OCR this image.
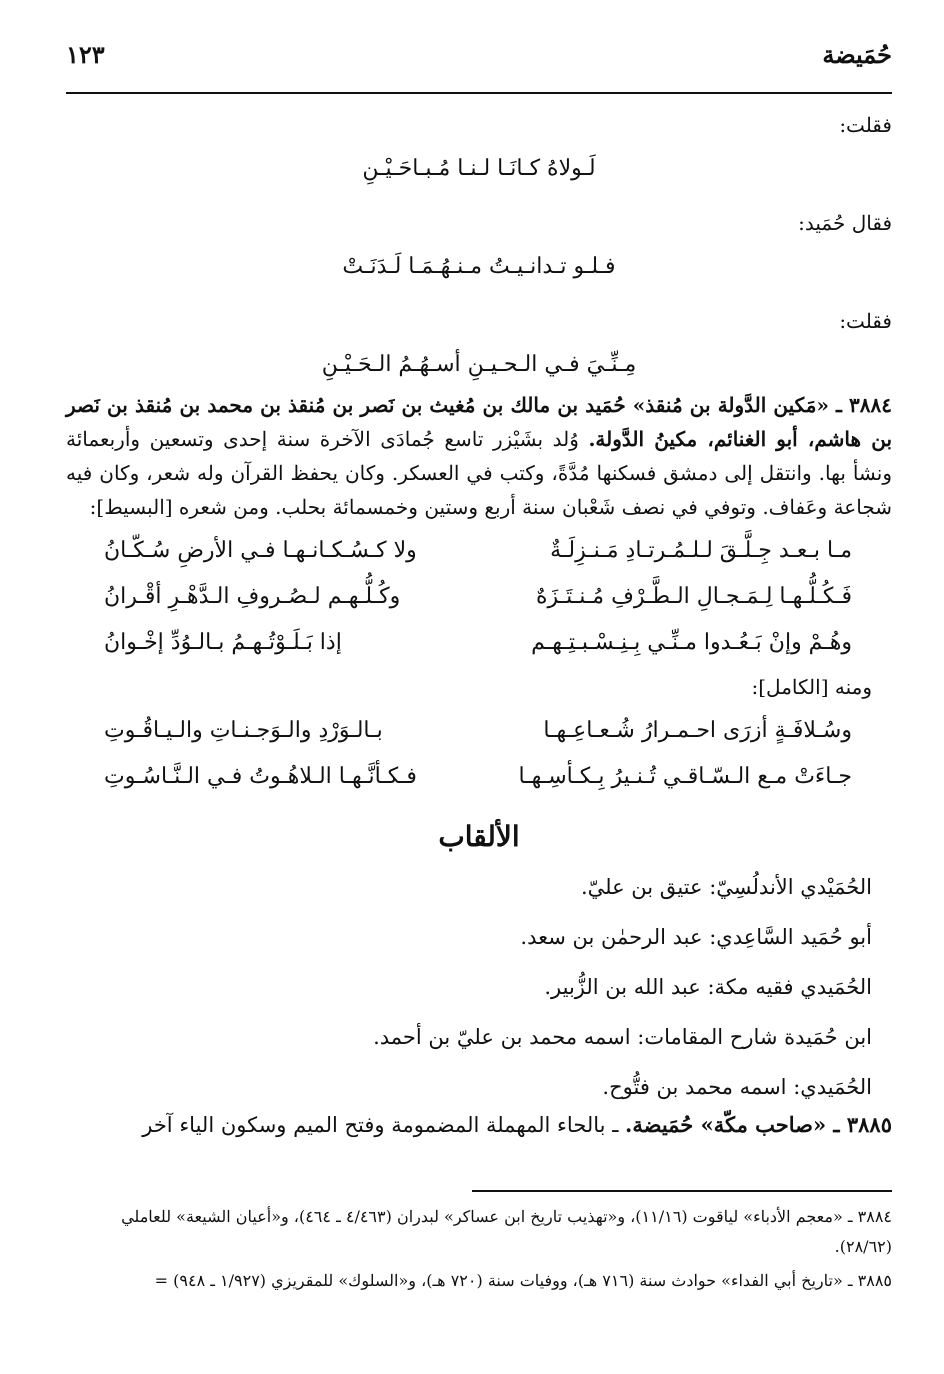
حُمَيضة
١٢٣
فقلت:
لَـولاهُ كـانَـا لـنـا مُـبـاحَـيْـنِ
فقال حُمَيد:
فـلـو تـدانـيـتُ مـنـهُـمَـا لَـدَنَـتْ
فقلت:
مِـنِّـيَ فـي الـحـيـنِ أسـهُـمُ الـحَـيْـنِ
٣٨٨٤ ـ «مَكين الدَّولة بن مُنقذ» حُمَيد بن مالك بن مُغيث بن نَصر بن مُنقذ بن محمد بن مُنقذ بن نَصر بن هاشم، أبو الغنائم، مكينُ الدَّولة. وُلد بشَيْزر تاسع جُمادَى الآخرة سنة إحدى وتسعين وأربعمائة ونشأ بها. وانتقل إلى دمشق فسكنها مُدَّةً، وكتب في العسكر. وكان يحفظ القرآن وله شعر، وكان فيه شجاعة وعَفاف. وتوفي في نصف شَعْبان سنة أربع وستين وخمسمائة بحلب. ومن شعره [البسيط]:
مـا بـعـد جِـلَّـقَ لـلـمُـرتـادِ مَـنـزِلَـةٌ
ولا كـسُـكـانـهـا فـي الأرضِ سُـكّـانُ
فَـكُـلُّـهـا لِـمَـجـالِ الـطَّـرْفِ مُـنـتَـزَهٌ
وكُـلُّـهـم لـصُـروفِ الـدَّهْـرِ أقْـرانُ
وهُـمْ وإنْ بَـعُـدوا مـنِّـي بِـنِـسْـبـتِـهـم
إذا بَـلَـوْتُـهـمُ بـالـوُدِّ إخْـوانُ
ومنه [الكامل]:
وسُـلافَـةٍ أزرَى احـمـرارُ شُـعـاعِـهـا
بـالـوَرْدِ والـوَجـنـاتِ والـيـاقُـوتِ
جـاءَتْ مـع الـسّـاقـي تُـنـيرُ بِـكـأسِـهـا
فـكـأنَّـهـا الـلاهُـوتُ فـي الـنَّـاسُـوتِ
الألقاب
الحُمَيْدي الأندلُسِيّ: عتيق بن عليّ.
أبو حُمَيد السَّاعِدي: عبد الرحمٰن بن سعد.
الحُمَيدي فقيه مكة: عبد الله بن الزُّبير.
ابن حُمَيدة شارح المقامات: اسمه محمد بن عليّ بن أحمد.
الحُمَيدي: اسمه محمد بن فتُّوح.
٣٨٨٥ ـ «صاحب مكّة» حُمَيضة. ـ بالحاء المهملة المضمومة وفتح الميم وسكون الياء آخر
٣٨٨٤ ـ «معجم الأدباء» لياقوت (١١/١٦)، و«تهذيب تاريخ ابن عساكر» لبدران (٤/٤٦٣ ـ ٤٦٤)، و«أعيان الشيعة» للعاملي (٢٨/٦٢).
٣٨٨٥ ـ «تاريخ أبي الفداء» حوادث سنة (٧١٦ هـ)، ووفيات سنة (٧٢٠ هـ)، و«السلوك» للمقريزي (١/٩٢٧ ـ ٩٤٨) =
